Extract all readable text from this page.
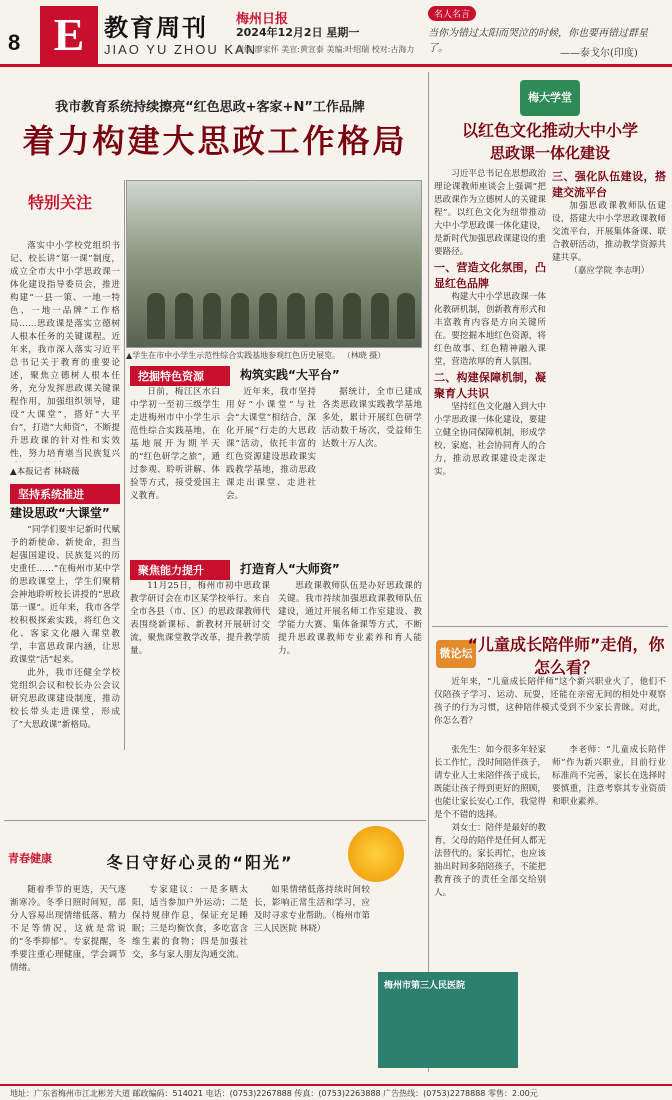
8 E 教育周刊
JIAO YU ZHOU KAN
梅州日报
2024年12月2日 星期一
责编:廖家怀 美宣:黄宣泰 美编:叶绍瑞 校对:古海力
名人名言
当你为错过太阳而哭泣的时候，你也要再错过群星了。	——泰戈尔(印度)
我市教育系统持续擦亮“红色思政+客家+N”工作品牌
着力构建大思政工作格局
特别关注
▲学生在市中小学生示范性综合实践基地参观红色历史展览。 （林晓 摄）

落实中小学校党组织书记、校长讲“第一课”制度，成立全市大中小学思政课一体化建设指导委员会，推进构建“一县一策、一地一特色、一地一品牌”工作格局……思政课是落实立德树人根本任务的关键课程。近年来，我市深入落实习近平总书记关于教育的重要论述，聚焦立德树人根本任务，充分发挥思政课关键课程作用，加强组织领导，建设“大课堂”，搭好“大平台”，打造“大师资”，不断提升思政课的针对性和实效性，努力培育堪当民族复兴

▲本报记者 林晓薇
坚持系统推进
建设思政“大课堂”

“同学们要牢记新时代赋予的新使命、新使命，担当起强国建设、民族复兴的历史重任……”在梅州市某中学的思政课堂上，学生们聚精会神地聆听校长讲授的“思政第一课”。近年来，我市各学校积极探索实践，将红色文化、客家文化融入课堂教学，丰富思政课内涵，让思政课堂“活”起来。

此外，我市还健全学校党组织会议和校长办公会议研究思政课建设制度，推动校长带头走进课堂，形成了“大思政课”新格局。

挖掘特色资源	构筑实践“大平台”

日前，梅江区水白中学初一至初三级学生走进梅州市中小学生示范性综合实践基地，在基地展开为期半天的“红色研学之旅”，通过参观、聆听讲解、体验等方式，接受爱国主义教育。

近年来，我市坚持用好“小课堂”与社会“大课堂”相结合，深化开展“行走的大思政课”活动，依托丰富的红色资源建设思政课实践教学基地，推动思政课走出课堂、走进社会。

据统计，全市已建成各类思政课实践教学基地多处，累计开展红色研学活动数千场次，受益师生达数十万人次。

聚焦能力提升	打造育人“大师资”

11月25日，梅州市初中思政课教学研讨会在市区某学校举行。来自全市各县（市、区）的思政课教师代表围绕新课标、新教材开展研讨交流，聚焦课堂教学改革，提升教学质量。

思政课教师队伍是办好思政课的关键。我市持续加强思政课教师队伍建设，通过开展名师工作室建设、教学能力大赛、集体备课等方式，不断提升思政课教师专业素养和育人能力。

梅大学堂
以红色文化推动大中小学
思政课一体化建设

习近平总书记在思想政治理论课教师座谈会上强调“把思政课作为立德树人的关键课程”。以红色文化为纽带推动大中小学思政课一体化建设，是新时代加强思政课建设的重要路径。

一、营造文化氛围，凸显红色品牌

构建大中小学思政课一体化教研机制，创新教育形式和丰富教育内容是方向关键所在。要挖掘本地红色资源，将红色故事、红色精神融入课堂，营造浓厚的育人氛围。

二、构建保障机制，凝聚育人共识

坚持红色文化融入到大中小学思政课一体化建设，要建立健全协同保障机制，形成学校、家庭、社会协同育人的合力，推动思政课建设走深走实。

三、强化队伍建设，搭建交流平台

加强思政课教师队伍建设，搭建大中小学思政课教师交流平台，开展集体备课、联合教研活动，推动教学资源共建共享。

（嘉应学院 李志明）

微论坛
“儿童成长陪伴师”走俏，你怎么看？

近年来，“儿童成长陪伴师”这个新兴职业火了，他们不仅陪孩子学习、运动、玩耍，还能在亲密无间的相处中观察孩子的行为习惯，这种陪伴模式受到不少家长青睐。对此，你怎么看？

张先生：如今很多年轻家长工作忙，没时间陪伴孩子，请专业人士来陪伴孩子成长，既能让孩子得到更好的照顾，也能让家长安心工作，我觉得是个不错的选择。

刘女士：陪伴是最好的教育，父母的陪伴是任何人都无法替代的。家长再忙，也应该抽出时间多陪陪孩子，不能把教育孩子的责任全部交给别人。

李老师：“儿童成长陪伴师”作为新兴职业，目前行业标准尚不完善，家长在选择时要慎重，注意考察其专业资质和职业素养。

青春健康	冬日守好心灵的“阳光”

随着季节的更迭，天气逐渐寒冷。冬季日照时间短，部分人容易出现情绪低落、精力不足等情况，这就是常说的“冬季抑郁”。专家提醒，冬季要注重心理健康，学会调节情绪。

专家建议：一是多晒太阳，适当参加户外运动；二是保持规律作息，保证充足睡眠；三是均衡饮食，多吃富含维生素的食物；四是加强社交，多与家人朋友沟通交流。

如果情绪低落持续时间较长，影响正常生活和学习，应及时寻求专业帮助。（梅州市第三人民医院 林晓）

梅州市第三人民医院
地址：广东省梅州市江北彬芳大道 邮政编码：514021 电话：(0753)2267888 传真：(0753)2263888 广告热线：(0753)2278888 零售：2.00元
